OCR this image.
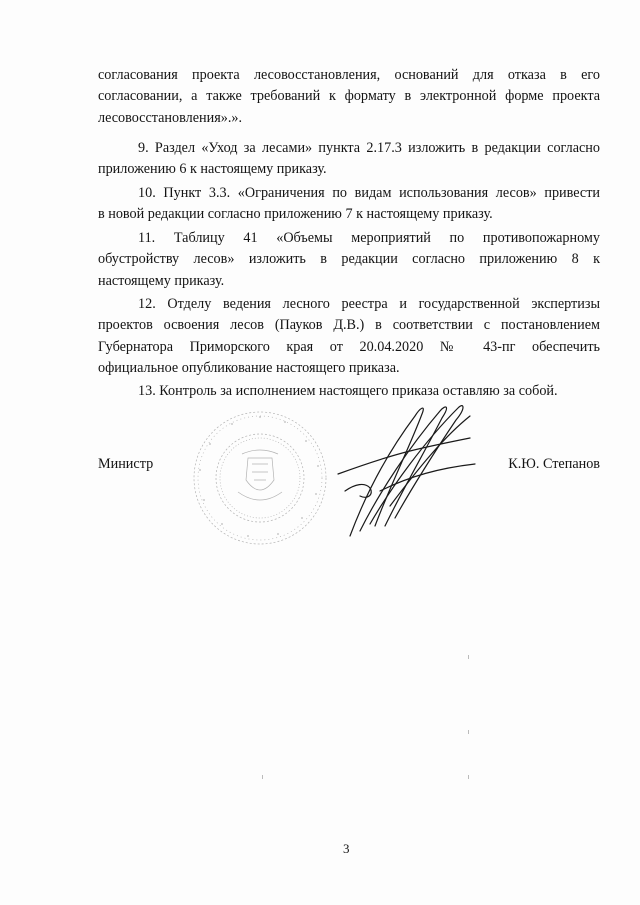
согласования проекта лесовосстановления, оснований для отказа в его
согласовании, а также требований к формату в электронной форме проекта
лесовосстановления».».
9. Раздел «Уход за лесами» пункта 2.17.3 изложить в редакции согласно
приложению 6 к настоящему приказу.
10. Пункт 3.3. «Ограничения по видам использования лесов» привести
в новой редакции согласно приложению 7 к настоящему приказу.
11. Таблицу 41 «Объемы мероприятий по противопожарному
обустройству лесов» изложить в редакции согласно приложению 8 к
настоящему приказу.
12. Отделу ведения лесного реестра и государственной экспертизы
проектов освоения лесов (Пауков Д.В.) в соответствии с постановлением
Губернатора Приморского края от 20.04.2020 № 43-пг обеспечить
официальное опубликование настоящего приказа.
13. Контроль за исполнением настоящего приказа оставляю за собой.
Министр	К.Ю. Степанов
3
